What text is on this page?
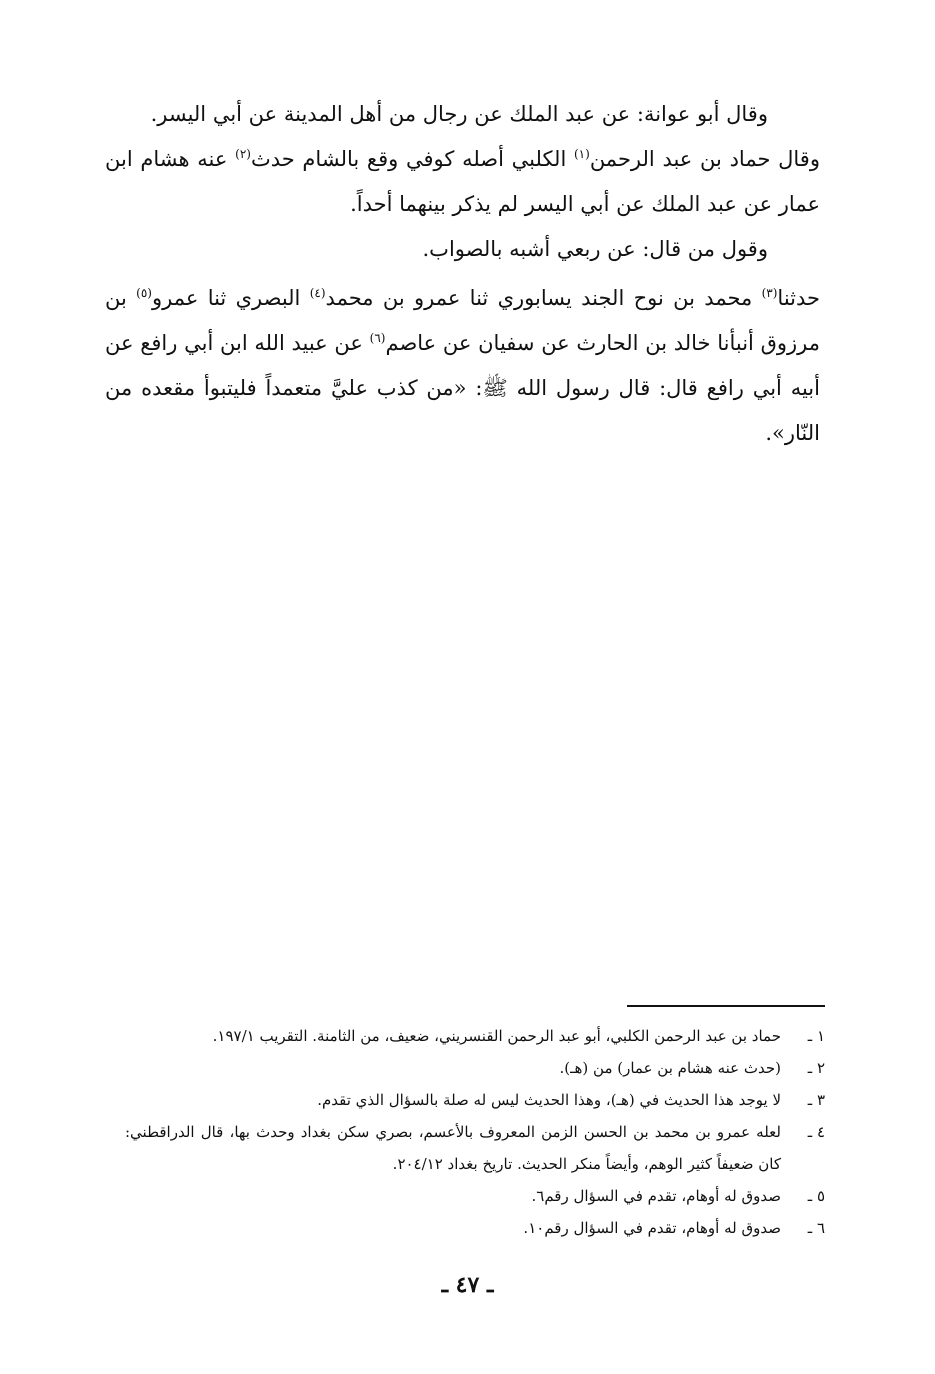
وقال أبو عوانة: عن عبد الملك عن رجال من أهل المدينة عن أبي اليسر.

وقال حماد بن عبد الرحمن$^{(١)}$ الكلبي أصله كوفي وقع بالشام حدث$^{(٢)}$ عنه هشام ابن عمار عن عبد الملك عن أبي اليسر لم يذكر بينهما أحداً.

وقول من قال: عن ربعي أشبه بالصواب.

حدثنا$^{(٣)}$ محمد بن نوح الجند يسابوري ثنا عمرو بن محمد$^{(٤)}$ البصري ثنا عمرو$^{(٥)}$ بن مرزوق أنبأنا خالد بن الحارث عن سفيان عن عاصم$^{(٦)}$ عن عبيد الله ابن أبي رافع عن أبيه أبي رافع قال: قال رسول الله ﷺ: «من كذب عليَّ متعمداً فليتبوأ مقعده من النّار».

١ ـ
حماد بن عبد الرحمن الكلبي، أبو عبد الرحمن القنسريني، ضعيف، من الثامنة. التقريب ١٩٧/١.
٢ ـ
(حدث عنه هشام بن عمار) من (هـ).
٣ ـ
لا يوجد هذا الحديث في (هـ)، وهذا الحديث ليس له صلة بالسؤال الذي تقدم.
٤ ـ
لعله عمرو بن محمد بن الحسن الزمن المعروف بالأعسم، بصري سكن بغداد وحدث بها، قال الدراقطني: كان ضعيفاً كثير الوهم، وأيضاً منكر الحديث. تاريخ بغداد ٢٠٤/١٢.
٥ ـ
صدوق له أوهام، تقدم في السؤال رقم٦.
٦ ـ
صدوق له أوهام، تقدم في السؤال رقم١٠.
ـ ٤٧ ـ
